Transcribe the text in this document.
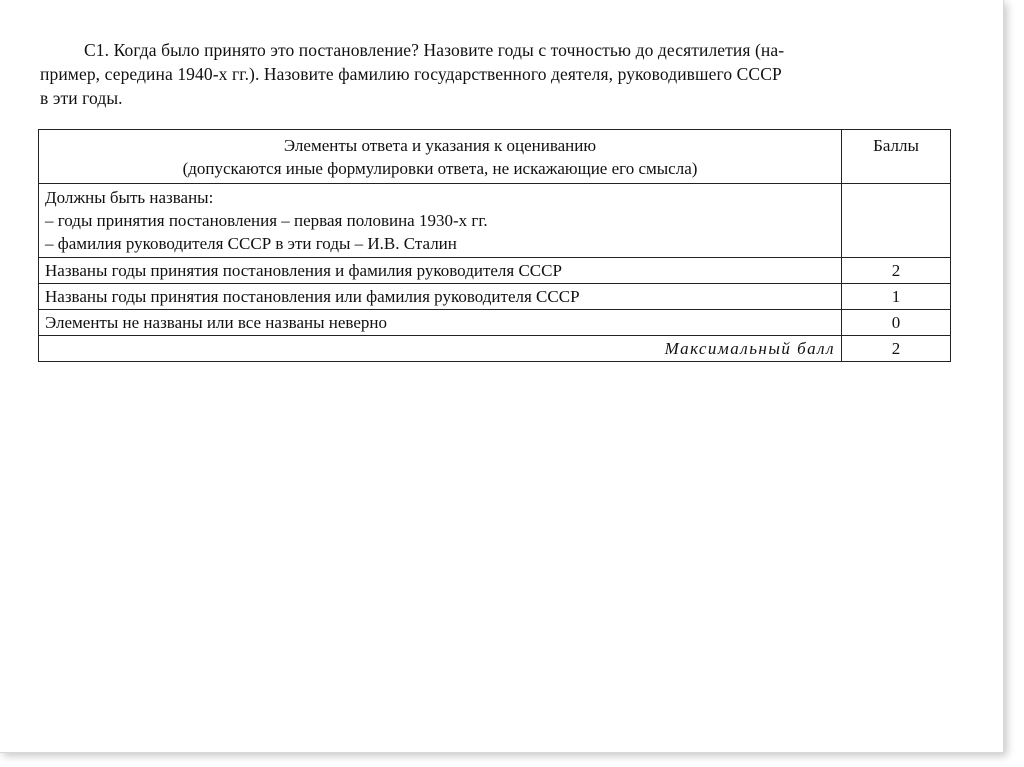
С1. Когда было принято это постановление? Назовите годы с точностью до десятилетия (на-

пример, середина 1940-х гг.). Назовите фамилию государственного деятеля, руководившего СССР

в эти годы.

Элементы ответа и указания к оцениванию
(допускаются иные формулировки ответа, не искажающие его смысла)	Баллы

Должны быть названы:
– годы принятия постановления – первая половина 1930-х гг.
– фамилия руководителя СССР в эти годы – И.В. Сталин	

Названы годы принятия постановления и фамилия руководителя СССР	2
Названы годы принятия постановления или фамилия руководителя СССР	1
Элементы не названы или все названы неверно	0
Максимальный балл	2
